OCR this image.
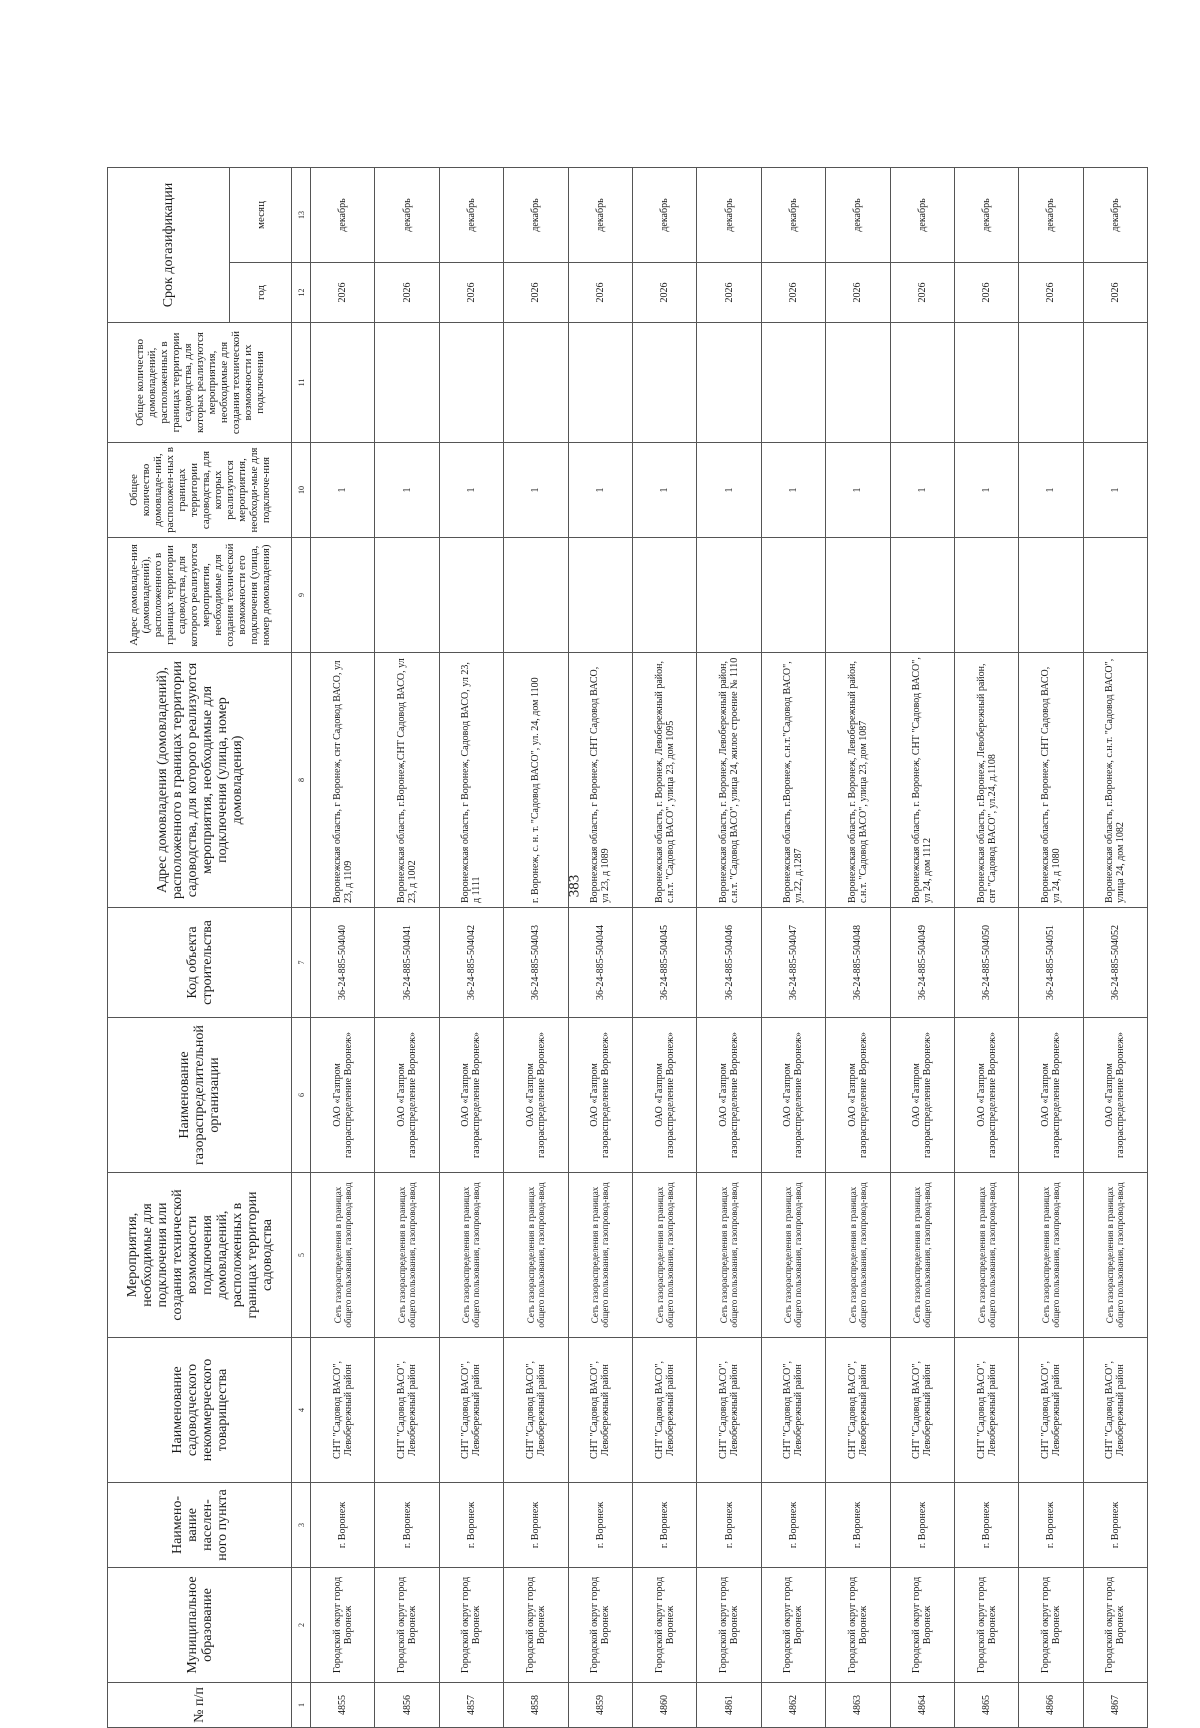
383
№ п/п	Муниципальное образование	Наимено-вание населен-ного пункта	Наименование садоводческого некоммерческого товарищества	Мероприятия, необходимые для подключения или создания технической возможности подключения домовладений, расположенных в границах территории садоводства	Наименование газораспределительной организации	Код объекта строительства	Адрес домовладения (домовладений), расположенного в границах территории садоводства, для которого реализуются мероприятия, необходимые для подключения (улица, номер домовладения)	Адрес домовладе-ния (домовладений), расположенного в границах территории садоводства, для которого реализуются мероприятия, необходимые для создания технической возможности его подключения (улица, номер домовладения)	Общее количество домовладе-ний, расположен-ных в границах территории садоводства, для которых реализуются мероприятия, необходи-мые для подключе-ния	Общее количество домовладений, расположенных в границах территории садоводства, для которых реализуются мероприятия, необходимые для создания технической возможности их подключения	Срок догазификации	
											год	месяц
1	2	3	4	5	6	7	8	9	10	11	12	13
4855	Городской округ город Воронеж	г. Воронеж	СНТ "Садовод ВАСО", Левобережный район	Сеть газораспределения в границах общего пользования, газопровод-ввод	ОАО «Газпром газораспределение Воронеж»	36-24-885-504040	Воронежская область, г Воронеж, снт Садовод ВАСО, ул 23, д 1109		1		2026	декабрь
4856	Городской округ город Воронеж	г. Воронеж	СНТ "Садовод ВАСО", Левобережный район	Сеть газораспределения в границах общего пользования, газопровод-ввод	ОАО «Газпром газораспределение Воронеж»	36-24-885-504041	Воронежская область, г.Воронеж,СНТ Садовод ВАСО, ул 23, д 1002		1		2026	декабрь
4857	Городской округ город Воронеж	г. Воронеж	СНТ "Садовод ВАСО", Левобережный район	Сеть газораспределения в границах общего пользования, газопровод-ввод	ОАО «Газпром газораспределение Воронеж»	36-24-885-504042	Воронежская область, г Воронеж, Садовод ВАСО, ул 23, д 1111		1		2026	декабрь
4858	Городской округ город Воронеж	г. Воронеж	СНТ "Садовод ВАСО", Левобережный район	Сеть газораспределения в границах общего пользования, газопровод-ввод	ОАО «Газпром газораспределение Воронеж»	36-24-885-504043	г. Воронеж, с. н. т. "Садовод ВАСО", ул. 24, дом 1100		1		2026	декабрь
4859	Городской округ город Воронеж	г. Воронеж	СНТ "Садовод ВАСО", Левобережный район	Сеть газораспределения в границах общего пользования, газопровод-ввод	ОАО «Газпром газораспределение Воронеж»	36-24-885-504044	Воронежская область, г Воронеж, СНТ Садовод ВАСО, ул 23, д 1089		1		2026	декабрь
4860	Городской округ город Воронеж	г. Воронеж	СНТ "Садовод ВАСО", Левобережный район	Сеть газораспределения в границах общего пользования, газопровод-ввод	ОАО «Газпром газораспределение Воронеж»	36-24-885-504045	Воронежская область, г. Воронеж, Левобережный район, с.н.т. "Садовод ВАСО", улица 23, дом 1095		1		2026	декабрь
4861	Городской округ город Воронеж	г. Воронеж	СНТ "Садовод ВАСО", Левобережный район	Сеть газораспределения в границах общего пользования, газопровод-ввод	ОАО «Газпром газораспределение Воронеж»	36-24-885-504046	Воронежская область, г. Воронеж, Левобережный район, с.н.т. "Садовод ВАСО", улица 24, жилое строение № 1110		1		2026	декабрь
4862	Городской округ город Воронеж	г. Воронеж	СНТ "Садовод ВАСО", Левобережный район	Сеть газораспределения в границах общего пользования, газопровод-ввод	ОАО «Газпром газораспределение Воронеж»	36-24-885-504047	Воронежская область, г.Воронеж, с.н.т."Садовод ВАСО", ул.22, д.1287		1		2026	декабрь
4863	Городской округ город Воронеж	г. Воронеж	СНТ "Садовод ВАСО", Левобережный район	Сеть газораспределения в границах общего пользования, газопровод-ввод	ОАО «Газпром газораспределение Воронеж»	36-24-885-504048	Воронежская область, г. Воронеж, Левобережный район, с.н.т. "Садовод ВАСО", улица 23, дом 1087		1		2026	декабрь
4864	Городской округ город Воронеж	г. Воронеж	СНТ "Садовод ВАСО", Левобережный район	Сеть газораспределения в границах общего пользования, газопровод-ввод	ОАО «Газпром газораспределение Воронеж»	36-24-885-504049	Воронежская область, г. Воронеж, СНТ "Садовод ВАСО", ул 24, дом 1112		1		2026	декабрь
4865	Городской округ город Воронеж	г. Воронеж	СНТ "Садовод ВАСО", Левобережный район	Сеть газораспределения в границах общего пользования, газопровод-ввод	ОАО «Газпром газораспределение Воронеж»	36-24-885-504050	Воронежская область, г.Воронеж, Левобережный район, снт "Садовод ВАСО", ул.24, д.1108		1		2026	декабрь
4866	Городской округ город Воронеж	г. Воронеж	СНТ "Садовод ВАСО", Левобережный район	Сеть газораспределения в границах общего пользования, газопровод-ввод	ОАО «Газпром газораспределение Воронеж»	36-24-885-504051	Воронежская область, г Воронеж, СНТ Садовод ВАСО, ул 24, д 1080		1		2026	декабрь
4867	Городской округ город Воронеж	г. Воронеж	СНТ "Садовод ВАСО", Левобережный район	Сеть газораспределения в границах общего пользования, газопровод-ввод	ОАО «Газпром газораспределение Воронеж»	36-24-885-504052	Воронежская область, г.Воронеж, с.н.т. "Садовод ВАСО", улица 24, дом 1082		1		2026	декабрь
